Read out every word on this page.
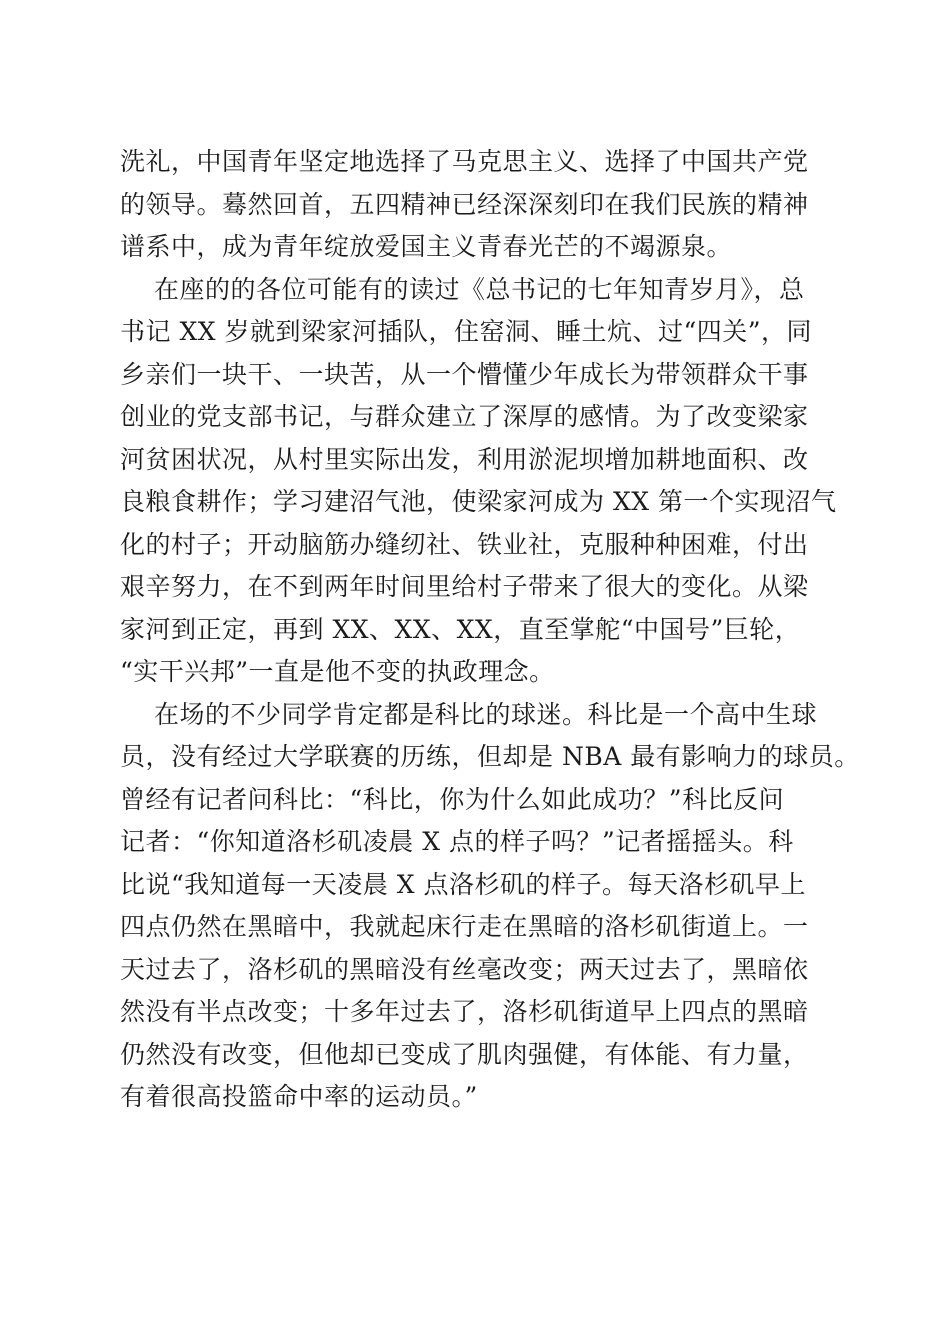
洗礼，中国青年坚定地选择了马克思主义、选择了中国共产党
的领导。蓦然回首，五四精神已经深深刻印在我们民族的精神
谱系中，成为青年绽放爱国主义青春光芒的不竭源泉。
在座的的各位可能有的读过《总书记的七年知青岁月》，总
书记 XX 岁就到梁家河插队，住窑洞、睡土炕、过“四关”，同
乡亲们一块干、一块苦，从一个懵懂少年成长为带领群众干事
创业的党支部书记，与群众建立了深厚的感情。为了改变梁家
河贫困状况，从村里实际出发，利用淤泥坝增加耕地面积、改
良粮食耕作；学习建沼气池，使梁家河成为 XX 第一个实现沼气
化的村子；开动脑筋办缝纫社、铁业社，克服种种困难，付出
艰辛努力，在不到两年时间里给村子带来了很大的变化。从梁
家河到正定，再到 XX、XX、XX，直至掌舵“中国号”巨轮，
“实干兴邦”一直是他不变的执政理念。
在场的不少同学肯定都是科比的球迷。科比是一个高中生球
员，没有经过大学联赛的历练，但却是 NBA 最有影响力的球员。
曾经有记者问科比：“科比，你为什么如此成功？”科比反问
记者：“你知道洛杉矶凌晨 X 点的样子吗？”记者摇摇头。科
比说“我知道每一天凌晨 X 点洛杉矶的样子。每天洛杉矶早上
四点仍然在黑暗中，我就起床行走在黑暗的洛杉矶街道上。一
天过去了，洛杉矶的黑暗没有丝毫改变；两天过去了，黑暗依
然没有半点改变；十多年过去了，洛杉矶街道早上四点的黑暗
仍然没有改变，但他却已变成了肌肉强健，有体能、有力量，
有着很高投篮命中率的运动员。”
